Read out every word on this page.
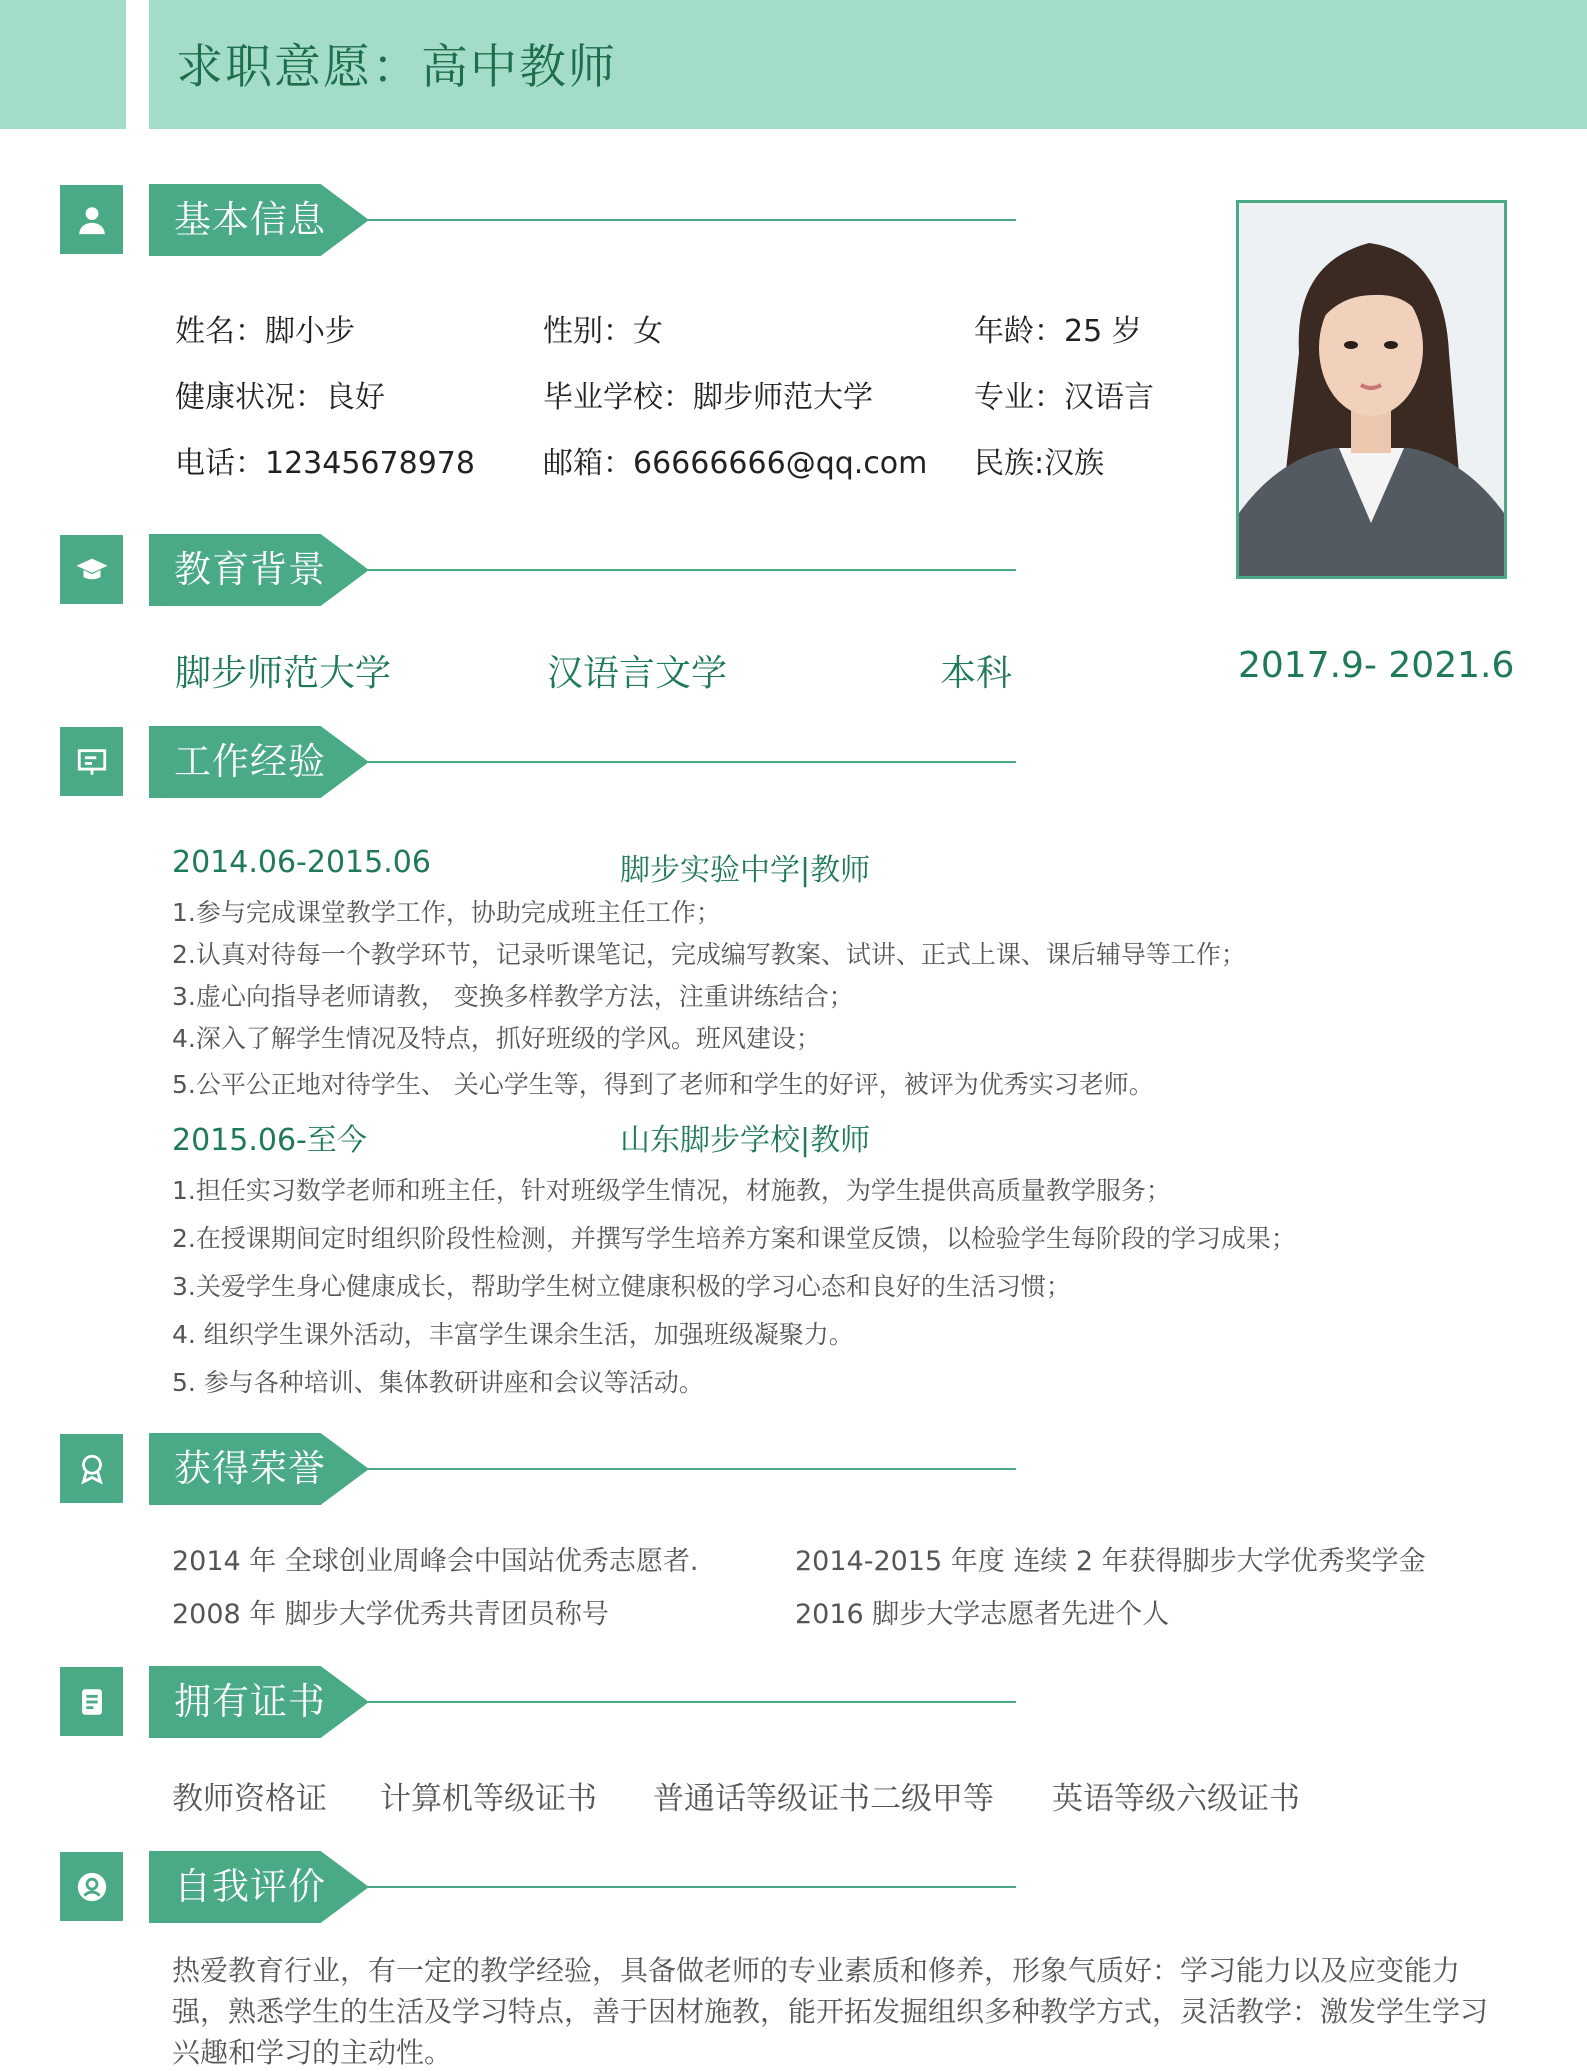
求职意愿：高中教师
基本信息
姓名：脚小步	性别：女	年龄：25 岁
健康状况：良好	毕业学校：脚步师范大学	专业：汉语言
电话：12345678978 邮箱：66666666@qq.com 民族:汉族
教育背景
脚步师范大学	汉语言文学	本科	2017.9- 2021.6
工作经验
2014.06-2015.06	脚步实验中学|教师
1.参与完成课堂教学工作，协助完成班主任工作；
2.认真对待每一个教学环节，记录听课笔记，完成编写教案、试讲、正式上课、课后辅导等工作；
3.虚心向指导老师请教， 变换多样教学方法，注重讲练结合；
4.深入了解学生情况及特点，抓好班级的学风。班风建设；
5.公平公正地对待学生、 关心学生等，得到了老师和学生的好评，被评为优秀实习老师。
2015.06-至今	山东脚步学校|教师
1.担任实习数学老师和班主任，针对班级学生情况，材施教，为学生提供高质量教学服务；
2.在授课期间定时组织阶段性检测，并撰写学生培养方案和课堂反馈，以检验学生每阶段的学习成果；
3.关爱学生身心健康成长，帮助学生树立健康积极的学习心态和良好的生活习惯；
4. 组织学生课外活动，丰富学生课余生活，加强班级凝聚力。
5. 参与各种培训、集体教研讲座和会议等活动。
获得荣誉
2014 年 全球创业周峰会中国站优秀志愿者.	2014-2015 年度 连续 2 年获得脚步大学优秀奖学金
2008 年 脚步大学优秀共青团员称号	2016 脚步大学志愿者先进个人
拥有证书
教师资格证 计算机等级证书 普通话等级证书二级甲等 英语等级六级证书
自我评价
热爱教育行业，有一定的教学经验，具备做老师的专业素质和修养，形象气质好：学习能力以及应变能力
强，熟悉学生的生活及学习特点，善于因材施教，能开拓发掘组织多种教学方式，灵活教学：激发学生学习
兴趣和学习的主动性。
